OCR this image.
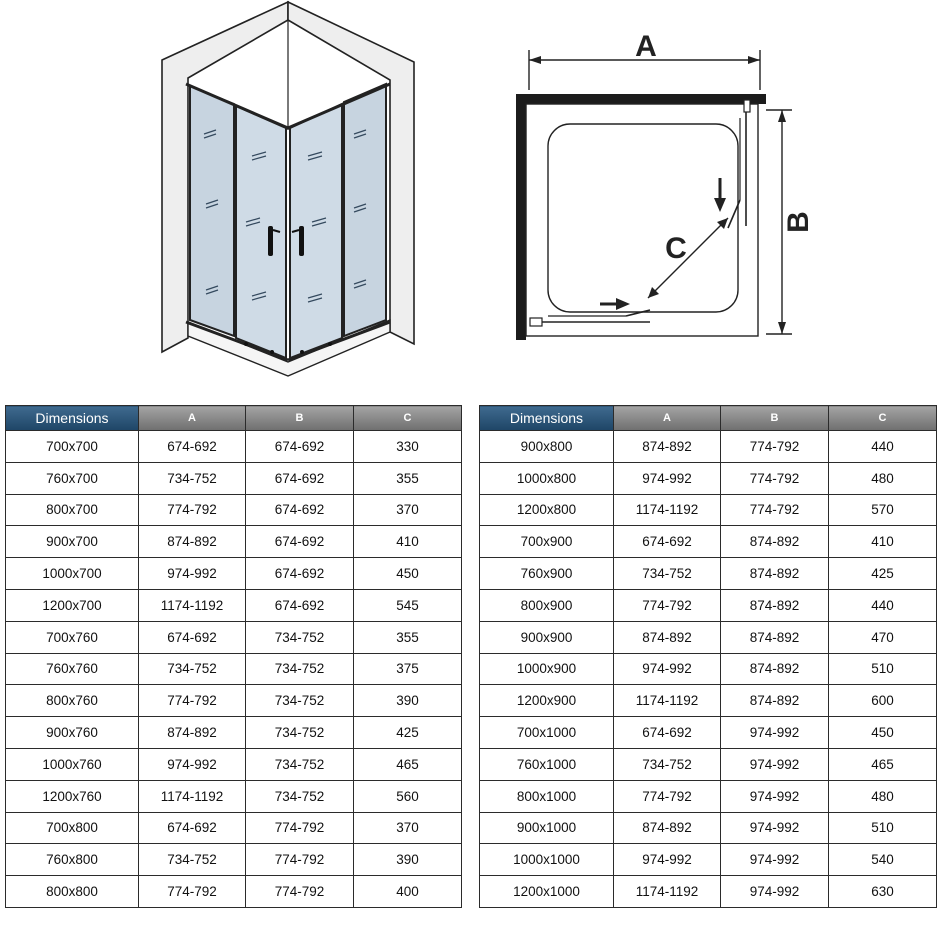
A
B
C
Dimensions	A	B	C
700x700	674-692	674-692	330
760x700	734-752	674-692	355
800x700	774-792	674-692	370
900x700	874-892	674-692	410
1000x700	974-992	674-692	450
1200x700	1174-1192	674-692	545
700x760	674-692	734-752	355
760x760	734-752	734-752	375
800x760	774-792	734-752	390
900x760	874-892	734-752	425
1000x760	974-992	734-752	465
1200x760	1174-1192	734-752	560
700x800	674-692	774-792	370
760x800	734-752	774-792	390
800x800	774-792	774-792	400
Dimensions	A	B	C
900x800	874-892	774-792	440
1000x800	974-992	774-792	480
1200x800	1174-1192	774-792	570
700x900	674-692	874-892	410
760x900	734-752	874-892	425
800x900	774-792	874-892	440
900x900	874-892	874-892	470
1000x900	974-992	874-892	510
1200x900	1174-1192	874-892	600
700x1000	674-692	974-992	450
760x1000	734-752	974-992	465
800x1000	774-792	974-992	480
900x1000	874-892	974-992	510
1000x1000	974-992	974-992	540
1200x1000	1174-1192	974-992	630
